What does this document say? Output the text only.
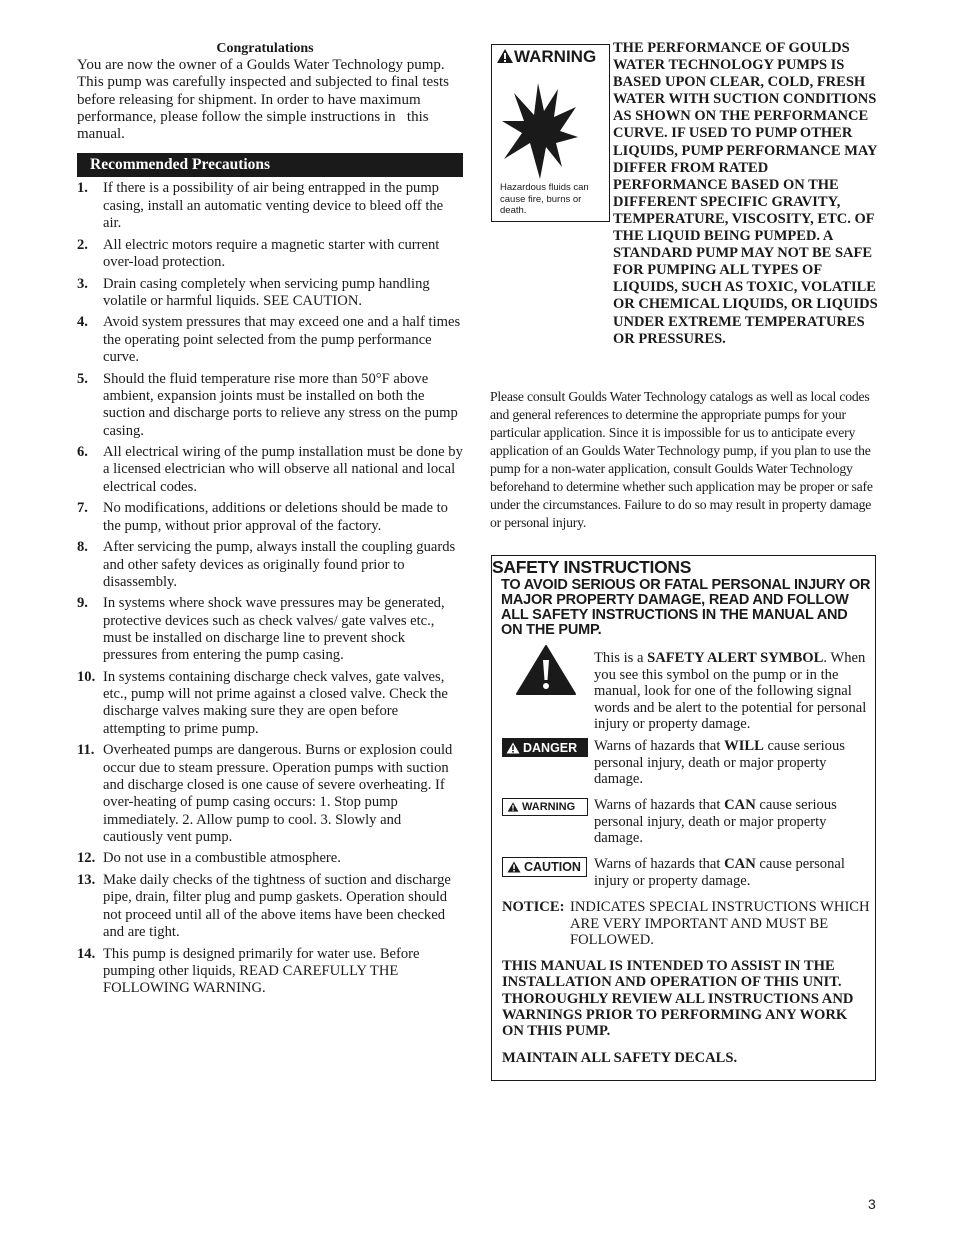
Congratulations
You are now the owner of a Goulds Water Technology pump. This pump was carefully inspected and subjected to final tests before releasing for shipment. In order to have maximum performance, please follow the simple instructions in   this manual.
Recommended Precautions
1. If there is a possibility of air being entrapped in the pump casing, install an automatic venting device to bleed off the air.
2. All electric motors require a magnetic starter with current over-load protection.
3. Drain casing completely when servicing pump handling volatile or harmful liquids. SEE CAUTION.
4. Avoid system pressures that may exceed one and a half times the operating point selected from the pump performance curve.
5. Should the fluid temperature rise more than 50°F above ambient, expansion joints must be installed on both the suction and discharge ports to relieve any stress on the pump casing.
6. All electrical wiring of the pump installation must be done by a licensed electrician who will observe all national and local electrical codes.
7. No modifications, additions or deletions should be made to the pump, without prior approval of the factory.
8. After servicing the pump, always install the coupling guards and other safety devices as originally found prior to disassembly.
9. In systems where shock wave pressures may be generated, protective devices such as check valves/ gate valves etc., must be installed on discharge line to prevent shock pressures from entering the pump casing.
10. In systems containing discharge check valves, gate valves, etc., pump will not prime against a closed valve. Check the discharge valves making sure they are open before attempting to prime pump.
11. Overheated pumps are dangerous. Burns or explosion could occur due to steam pressure. Operation pumps with suction and discharge closed is one cause of severe overheating. If over-heating of pump casing occurs: 1. Stop pump immediately. 2. Allow pump to cool. 3. Slowly and cautiously vent pump.
12. Do not use in a combustible atmosphere.
13. Make daily checks of the tightness of suction and discharge pipe, drain, filter plug and pump gaskets. Operation should not proceed until all of the above items have been checked and are tight.
14. This pump is designed primarily for water use. Before pumping other liquids, READ CAREFULLY THE FOLLOWING WARNING.
WARNING
Hazardous fluids can cause fire, burns or death.
THE PERFORMANCE OF GOULDS WATER TECHNOLOGY PUMPS IS BASED UPON CLEAR, COLD, FRESH WATER WITH SUCTION CONDITIONS AS SHOWN ON THE PERFORMANCE CURVE. IF USED TO PUMP OTHER LIQUIDS, PUMP PERFORMANCE MAY DIFFER FROM RATED PERFORMANCE BASED ON THE DIFFERENT SPECIFIC GRAVITY, TEMPERATURE, VISCOSITY, ETC. OF THE LIQUID BEING PUMPED. A STANDARD PUMP MAY NOT BE SAFE FOR PUMPING ALL TYPES OF LIQUIDS, SUCH AS TOXIC, VOLATILE OR CHEMICAL LIQUIDS, OR LIQUIDS UNDER EXTREME TEMPERATURES OR PRESSURES.
Please consult Goulds Water Technology catalogs as well as local codes and general references to determine the appropriate pumps for your particular application. Since it is impossible for us to anticipate every application of an Goulds Water Technology pump, if you plan to use the pump for a non-water application, consult Goulds Water Technology beforehand to determine whether such application may be proper or safe under the circumstances. Failure to do so may result in property damage or personal injury.
SAFETY INSTRUCTIONS
TO AVOID SERIOUS OR FATAL PERSONAL INJURY OR MAJOR PROPERTY DAMAGE, READ AND FOLLOW ALL SAFETY INSTRUCTIONS IN THE MANUAL AND ON THE PUMP.
This is a SAFETY ALERT SYMBOL. When you see this symbol on the pump or in the manual, look for one of the following signal words and be alert to the potential for personal injury or property damage.
DANGER Warns of hazards that WILL cause serious personal injury, death or major property damage.
WARNING Warns of hazards that CAN cause serious personal injury, death or major property damage.
CAUTION Warns of hazards that CAN cause personal injury or property damage.
NOTICE: INDICATES SPECIAL INSTRUCTIONS WHICH ARE VERY IMPORTANT AND MUST BE FOLLOWED.
THIS MANUAL IS INTENDED TO ASSIST IN THE INSTALLATION AND OPERATION OF THIS UNIT. THOROUGHLY REVIEW ALL INSTRUCTIONS AND WARNINGS PRIOR TO PERFORMING ANY WORK ON THIS PUMP.
MAINTAIN ALL SAFETY DECALS.
3
